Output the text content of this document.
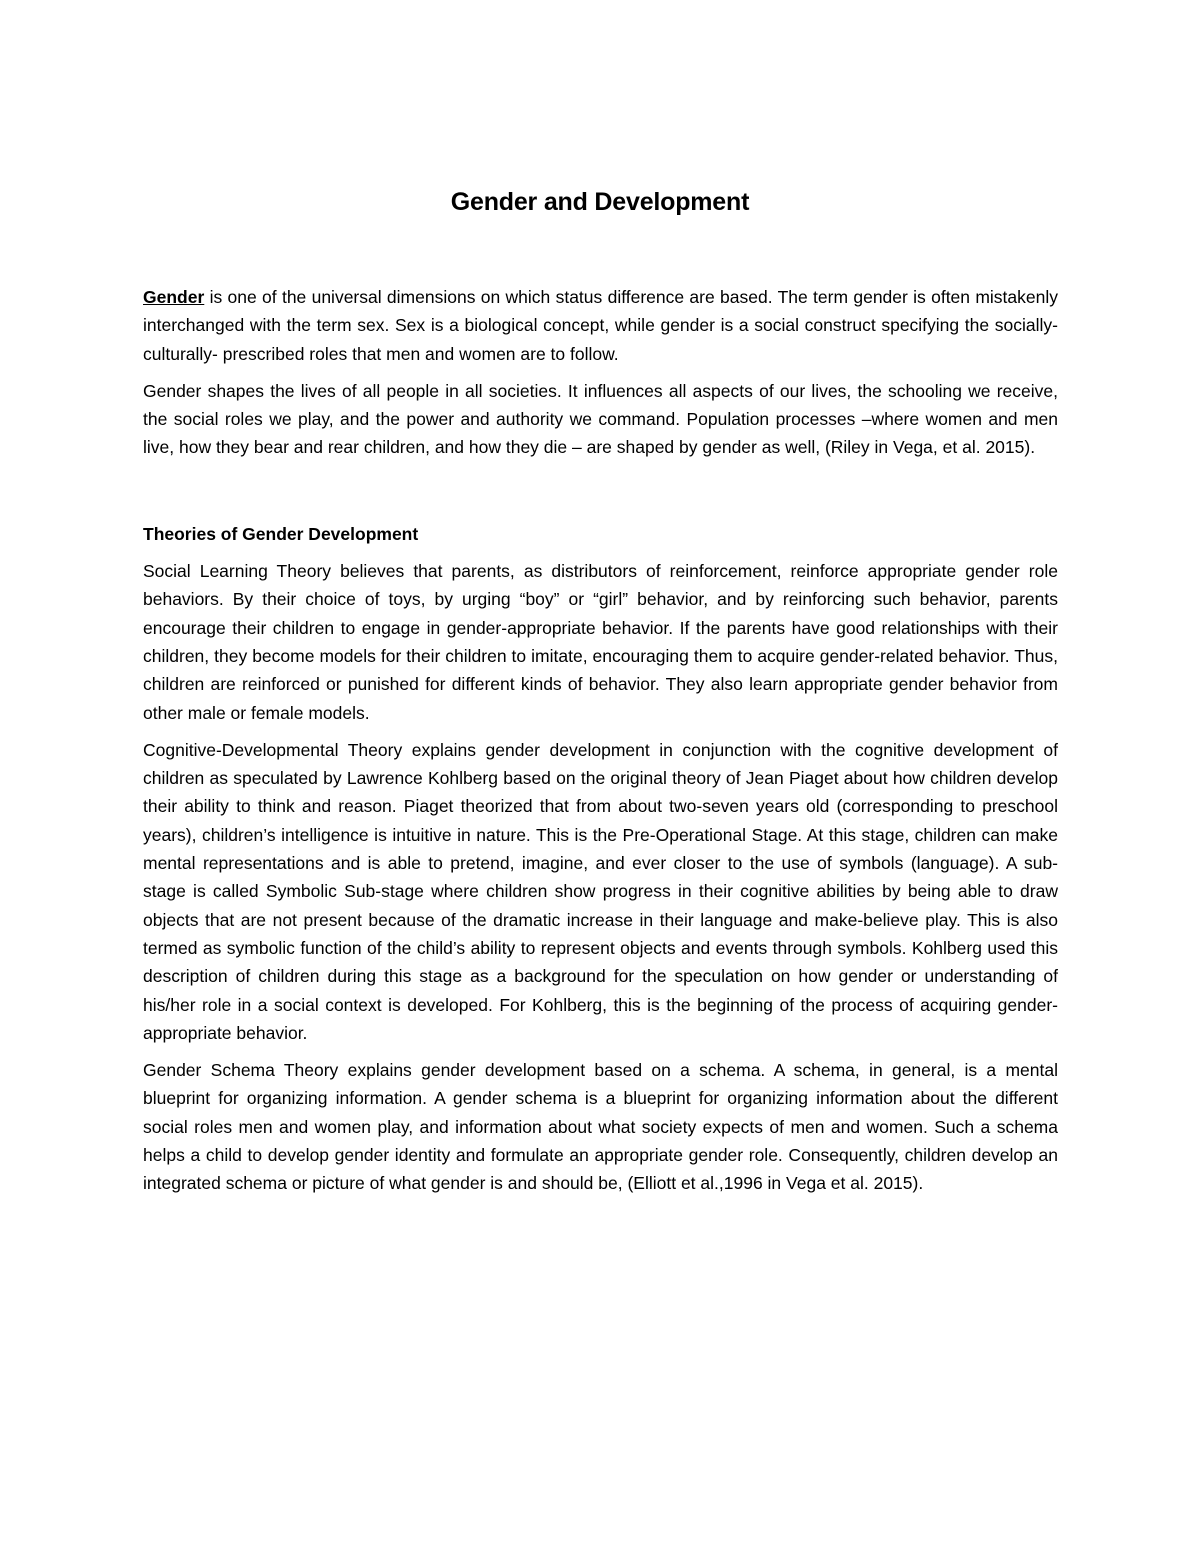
Gender and Development

Gender is one of the universal dimensions on which status difference are based. The term gender is often mistakenly interchanged with the term sex. Sex is a biological concept, while gender is a social construct specifying the socially-culturally- prescribed roles that men and women are to follow.

Gender shapes the lives of all people in all societies. It influences all aspects of our lives, the schooling we receive, the social roles we play, and the power and authority we command. Population processes –where women and men live, how they bear and rear children, and how they die – are shaped by gender as well, (Riley in Vega, et al. 2015).

Theories of Gender Development

Social Learning Theory believes that parents, as distributors of reinforcement, reinforce appropriate gender role behaviors. By their choice of toys, by urging “boy” or “girl” behavior, and by reinforcing such behavior, parents encourage their children to engage in gender-appropriate behavior. If the parents have good relationships with their children, they become models for their children to imitate, encouraging them to acquire gender-related behavior. Thus, children are reinforced or punished for different kinds of behavior. They also learn appropriate gender behavior from other male or female models.

Cognitive-Developmental Theory explains gender development in conjunction with the cognitive development of children as speculated by Lawrence Kohlberg based on the original theory of Jean Piaget about how children develop their ability to think and reason. Piaget theorized that from about two-seven years old (corresponding to preschool years), children’s intelligence is intuitive in nature. This is the Pre-Operational Stage. At this stage, children can make mental representations and is able to pretend, imagine, and ever closer to the use of symbols (language). A sub- stage is called Symbolic Sub-stage where children show progress in their cognitive abilities by being able to draw objects that are not present because of the dramatic increase in their language and make-believe play. This is also termed as symbolic function of the child’s ability to represent objects and events through symbols. Kohlberg used this description of children during this stage as a background for the speculation on how gender or understanding of his/her role in a social context is developed. For Kohlberg, this is the beginning of the process of acquiring gender- appropriate behavior.

Gender Schema Theory explains gender development based on a schema. A schema, in general, is a mental blueprint for organizing information. A gender schema is a blueprint for organizing information about the different social roles men and women play, and information about what society expects of men and women. Such a schema helps a child to develop gender identity and formulate an appropriate gender role. Consequently, children develop an integrated schema or picture of what gender is and should be, (Elliott et al.,1996 in Vega et al. 2015).
